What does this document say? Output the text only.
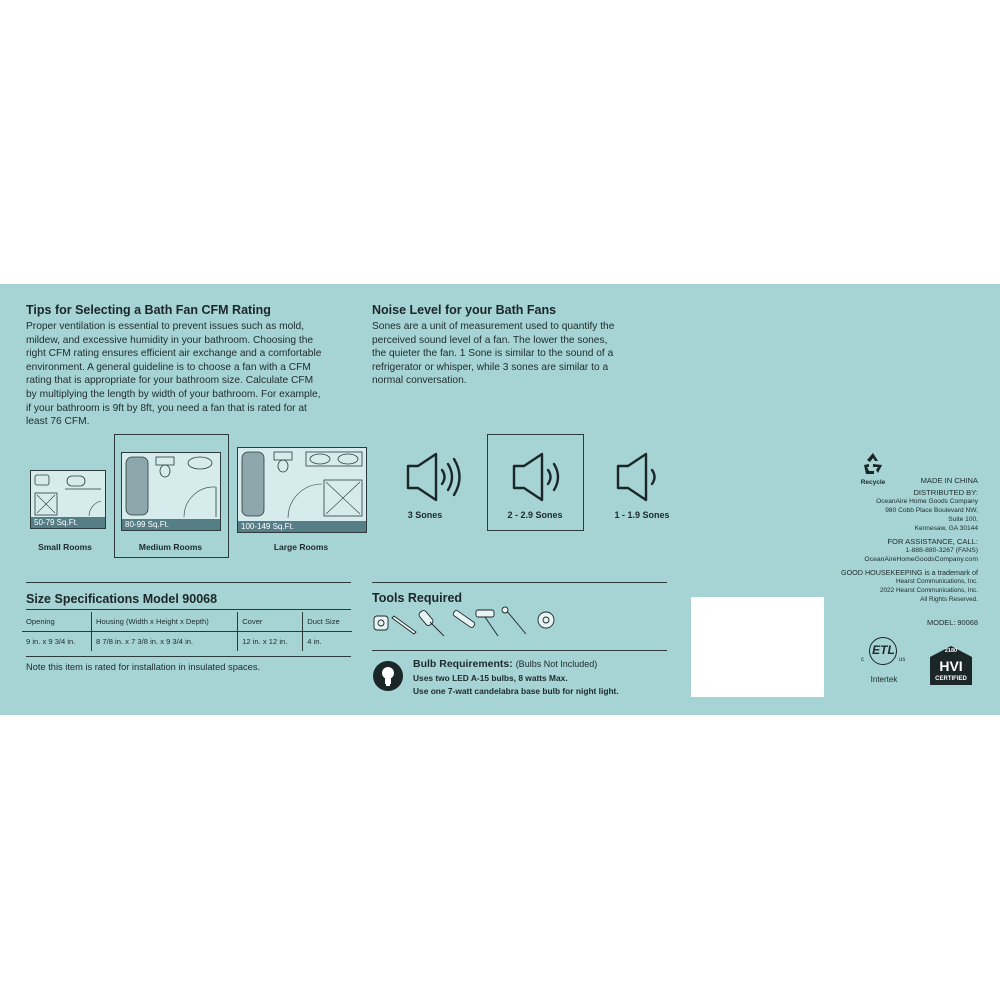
Tips for Selecting a Bath Fan CFM Rating
Proper ventilation is essential to prevent issues such as mold,
mildew, and excessive humidity in your bathroom. Choosing the
right CFM rating ensures efficient air exchange and a comfortable
environment. A general guideline is to choose a fan with a CFM
rating that is appropriate for your bathroom size. Calculate CFM
by multiplying the length by width of your bathroom. For example,
if your bathroom is 9ft by 8ft, you need a fan that is rated for at
least 76 CFM.
50-79 Sq.Ft.
Small Rooms
80-99 Sq.Ft.
Medium Rooms
100-149 Sq.Ft.
Large Rooms
Noise Level for your Bath Fans
Sones are a unit of measurement used to quantify the
perceived sound level of a fan. The lower the sones,
the quieter the fan. 1 Sone is similar to the sound of a
refrigerator or whisper, while 3 sones are similar to a
normal conversation.
3 Sones	2 - 2.9 Sones	1 - 1.9 Sones
Size Specifications Model 90068
Opening	Housing (Width x Height x Depth)	Cover	Duct Size
9 in. x 9 3/4 in.	8 7/8 in. x 7 3/8 in. x 9 3/4 in.	12 in. x 12 in.	4 in.
Note this item is rated for installation in insulated spaces.
Tools Required
Bulb Requirements: (Bulbs Not Included)
Uses two LED A-15 bulbs, 8 watts Max.
Use one 7-watt candelabra base bulb for night light.
Recycle	MADE IN CHINA
DISTRIBUTED BY:
OceanAire Home Goods Company
980 Cobb Place Boulevard NW,
Suite 100,
Kennesaw, GA 30144
FOR ASSISTANCE, CALL:
1-888-880-3267 (FANS)
OceanAireHomeGoodsCompany.com
GOOD HOUSEKEEPING is a trademark of
Hearst Communications, Inc.
2022 Hearst Communications, Inc.
All Rights Reserved.
MODEL: 90068
ETL
c	us
Intertek
2180
HVI
CERTIFIED
